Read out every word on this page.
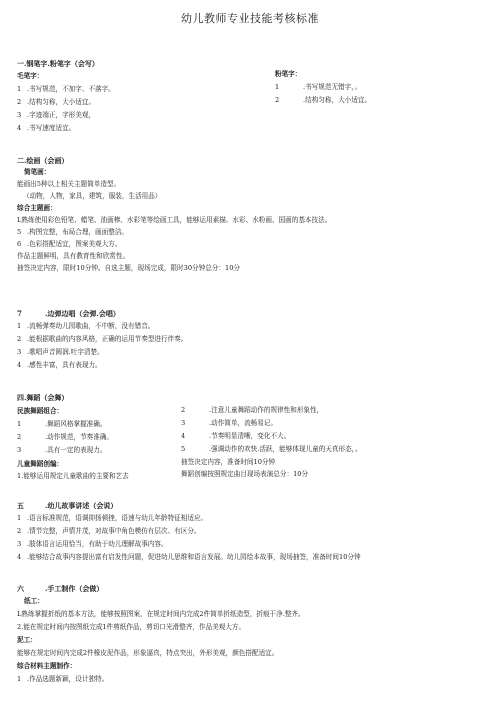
幼儿教师专业技能考核标准
一.钢笔字.粉笔字（会写）
毛笔字：
1 .书写规范，不加字、不落字。
2 .结构匀称，大小适宜。
3 .字迹端正，字形美观，
4 .书写速度适宜。
粉笔字：
1	.书写规范无错字，。
2	.结构匀称，大小适宜。
二.绘画（会画）
简笔画：
能画出5种以上相关主题简单造型。
（动物，人物，家具，建筑，服装，生活用品）
综合主题画：
L熟练使用彩色铅笔、蜡笔、油画棒、水彩笔等绘画工具，能够运用素描、水彩、水粉画、国画的基本技法。
5 .构图完整，布局合理，画面整洁。
6 .色彩搭配适宜，图案美观大方。
作品主题鲜明，具有教育性和欣赏性。
抽签决定内容，限时10分钟。自选主题，现场完成，限时30分钟总分：10分
7	.边弹边唱（会弹.会唱）
1 .流畅弹奏幼儿园歌曲，不中断，没有错音。
2 .能根据歌曲的内容风格，正确的运用节奏型进行伴奏。
3 .歌唱声音圆润.吐字清楚。
4 .感性丰富，具有表现力。
四.舞蹈（会舞）
民族舞蹈组合：
1	.舞蹈风格掌握准确。
2	.动作规范，节奏准确。
3	.具有一定的表现力。
儿童舞蹈创编：
1.能够运用规定儿童歌曲的主要和艺去
2	.注意儿童舞蹈动作的规律性和形象性，
3	.动作简单，流畅易记。
4	.节奏明显清晰，变化不大。
5	.强调动作的欢快.活跃，能够体现儿童的天真形态，。
抽签决定内容，准备时间10分钟
舞蹈创编按照规定曲目现场表演总分：10分
五	.幼儿故事讲述（会说）
1 .语言标准规范，语调抑扬顿挫，语速与幼儿年龄特征相适应。
2 .情节完整，声情并茂，对故事中角色模仿有层次、有区分。
3 .肢体语言运用恰当，有助于幼儿理解故事内容。
4 .能够结合故事内容提出富有启发性问题，促进幼儿思维和语言发展。幼儿园绘本故事，现场抽签，准备时间10分钟
六	.手工制作（会做）
纸工：
L熟练掌握折纸的基本方法，能够按照图案，在规定时间内完成2件简单折纸造型，折痕干净.整齐。
2.能在规定时间内按图纸完成1件剪纸作品，剪切口光滑整齐，作品美观大方。
泥工：
能够在规定时间内完成2件橡皮泥作品，形象逼真，特点突出，外形美观，颜色搭配适宜。
综合材料主题制作：
1 .作品选题新颖，设计独特。
